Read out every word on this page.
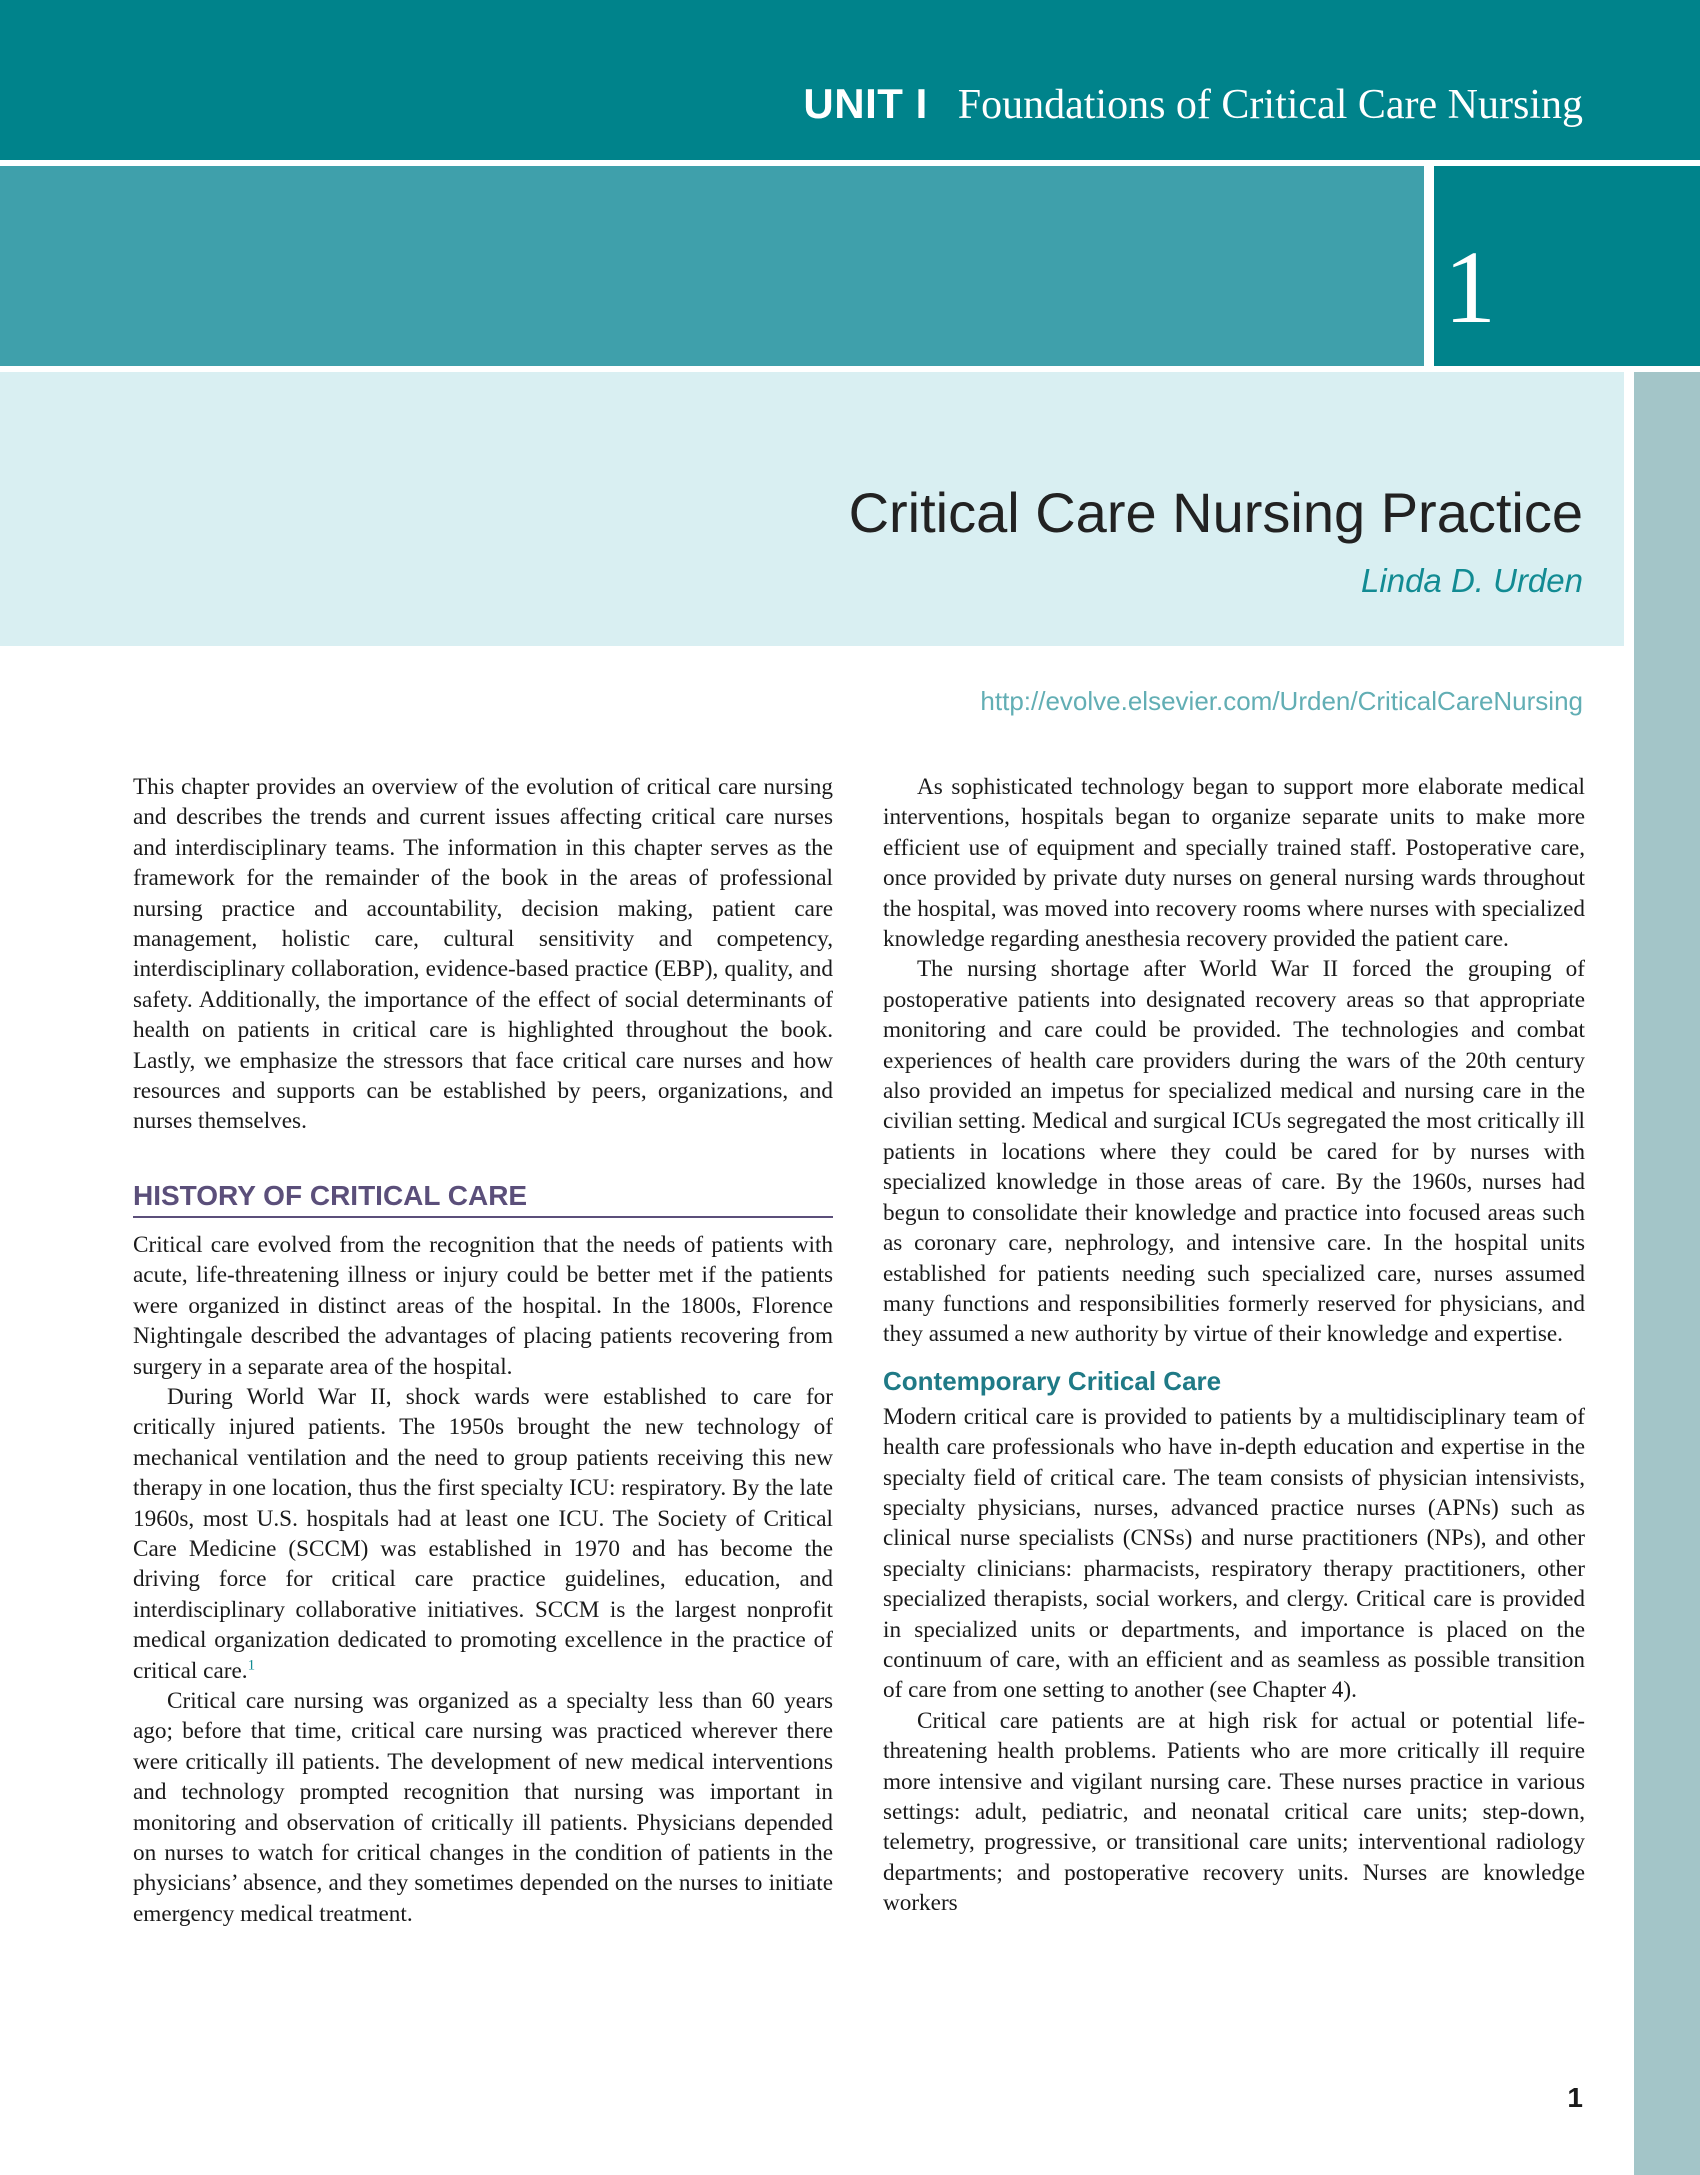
UNIT I Foundations of Critical Care Nursing
1
Critical Care Nursing Practice
Linda D. Urden
http://evolve.elsevier.com/Urden/CriticalCareNursing

This chapter provides an overview of the evolution of critical care nursing and describes the trends and current issues affecting critical care nurses and interdisciplinary teams. The information in this chapter serves as the framework for the remainder of the book in the areas of professional nursing practice and accountability, decision making, patient care management, holistic care, cultural sensitivity and competency, interdisciplinary collaboration, evidence-based practice (EBP), quality, and safety. Additionally, the importance of the effect of social determinants of health on patients in critical care is highlighted throughout the book. Lastly, we emphasize the stressors that face critical care nurses and how resources and supports can be established by peers, organizations, and nurses themselves.

HISTORY OF CRITICAL CARE

Critical care evolved from the recognition that the needs of patients with acute, life-threatening illness or injury could be better met if the patients were organized in distinct areas of the hospital. In the 1800s, Florence Nightingale described the advantages of placing patients recovering from surgery in a separate area of the hospital.

During World War II, shock wards were established to care for critically injured patients. The 1950s brought the new technology of mechanical ventilation and the need to group patients receiving this new therapy in one location, thus the first specialty ICU: respiratory. By the late 1960s, most U.S. hospitals had at least one ICU. The Society of Critical Care Medicine (SCCM) was established in 1970 and has become the driving force for critical care practice guidelines, education, and interdisciplinary collaborative initiatives. SCCM is the largest nonprofit medical organization dedicated to promoting excellence in the practice of critical care.$^1$

Critical care nursing was organized as a specialty less than 60 years ago; before that time, critical care nursing was practiced wherever there were critically ill patients. The development of new medical interventions and technology prompted recognition that nursing was important in monitoring and observation of critically ill patients. Physicians depended on nurses to watch for critical changes in the condition of patients in the physicians’ absence, and they sometimes depended on the nurses to initiate emergency medical treatment.

As sophisticated technology began to support more elaborate medical interventions, hospitals began to organize separate units to make more efficient use of equipment and specially trained staff. Postoperative care, once provided by private duty nurses on general nursing wards throughout the hospital, was moved into recovery rooms where nurses with specialized knowledge regarding anesthesia recovery provided the patient care.

The nursing shortage after World War II forced the grouping of postoperative patients into designated recovery areas so that appropriate monitoring and care could be provided. The technologies and combat experiences of health care providers during the wars of the 20th century also provided an impetus for specialized medical and nursing care in the civilian setting. Medical and surgical ICUs segregated the most critically ill patients in locations where they could be cared for by nurses with specialized knowledge in those areas of care. By the 1960s, nurses had begun to consolidate their knowledge and practice into focused areas such as coronary care, nephrology, and intensive care. In the hospital units established for patients needing such specialized care, nurses assumed many functions and responsibilities formerly reserved for physicians, and they assumed a new authority by virtue of their knowledge and expertise.

Contemporary Critical Care

Modern critical care is provided to patients by a multidisciplinary team of health care professionals who have in-depth education and expertise in the specialty field of critical care. The team consists of physician intensivists, specialty physicians, nurses, advanced practice nurses (APNs) such as clinical nurse specialists (CNSs) and nurse practitioners (NPs), and other specialty clinicians: pharmacists, respiratory therapy practitioners, other specialized therapists, social workers, and clergy. Critical care is provided in specialized units or departments, and importance is placed on the continuum of care, with an efficient and as seamless as possible transition of care from one setting to another (see Chapter 4).

Critical care patients are at high risk for actual or potential life-threatening health problems. Patients who are more critically ill require more intensive and vigilant nursing care. These nurses practice in various settings: adult, pediatric, and neonatal critical care units; step-down, telemetry, progressive, or transitional care units; interventional radiology departments; and postoperative recovery units. Nurses are knowledge workers

1
